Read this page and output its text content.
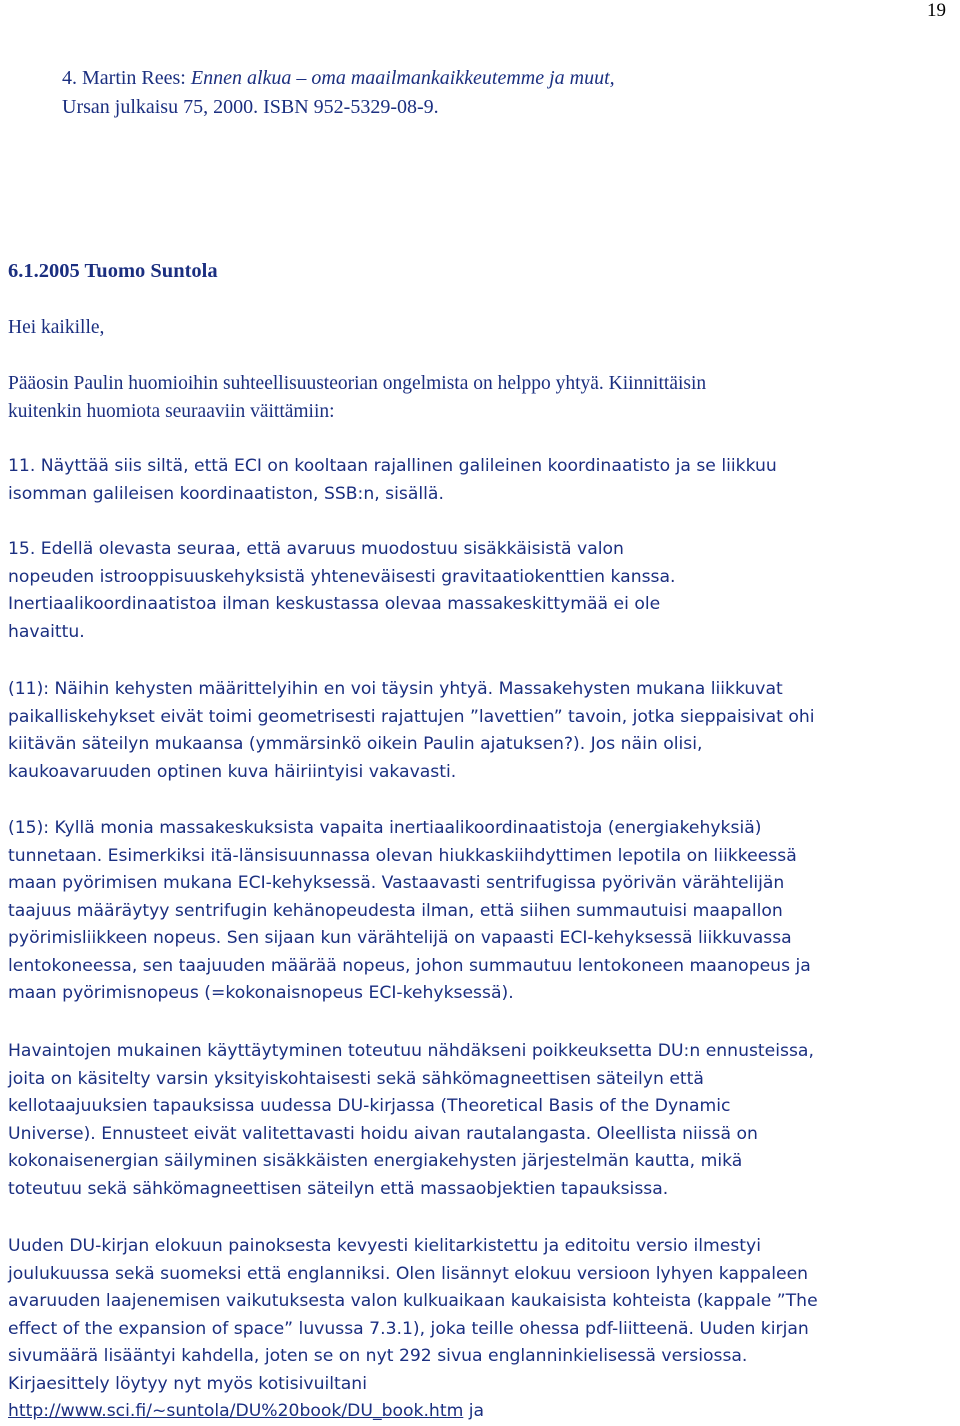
19
4. Martin Rees: Ennen alkua – oma maailmankaikkeutemme ja muut,
Ursan julkaisu 75, 2000. ISBN 952-5329-08-9.
6.1.2005 Tuomo Suntola
Hei kaikille,
Pääosin Paulin huomioihin suhteellisuusteorian ongelmista on helppo yhtyä. Kiinnittäisin
kuitenkin huomiota seuraaviin väittämiin:
11. Näyttää siis siltä, että ECI on kooltaan rajallinen galileinen koordinaatisto ja se liikkuu
isomman galileisen koordinaatiston, SSB:n, sisällä.
15. Edellä olevasta seuraa, että avaruus muodostuu sisäkkäisistä valon
nopeuden istrooppisuuskehyksistä yhteneväisesti gravitaatiokenttien kanssa.
Inertiaalikoordinaatistoa ilman keskustassa olevaa massakeskittymää ei ole
havaittu.
(11): Näihin kehysten määrittelyihin en voi täysin yhtyä. Massakehysten mukana liikkuvat
paikalliskehykset eivät toimi geometrisesti rajattujen ”lavettien” tavoin, jotka sieppaisivat ohi
kiitävän säteilyn mukaansa (ymmärsinkö oikein Paulin ajatuksen?). Jos näin olisi,
kaukoavaruuden optinen kuva häiriintyisi vakavasti.
(15): Kyllä monia massakeskuksista vapaita inertiaalikoordinaatistoja (energiakehyksiä)
tunnetaan. Esimerkiksi itä-länsisuunnassa olevan hiukkaskiihdyttimen lepotila on liikkeessä
maan pyörimisen mukana ECI-kehyksessä. Vastaavasti sentrifugissa pyörivän värähtelijän
taajuus määräytyy sentrifugin kehänopeudesta ilman, että siihen summautuisi maapallon
pyörimisliikkeen nopeus. Sen sijaan kun värähtelijä on vapaasti ECI-kehyksessä liikkuvassa
lentokoneessa, sen taajuuden määrää nopeus, johon summautuu lentokoneen maanopeus ja
maan pyörimisnopeus (=kokonaisnopeus ECI-kehyksessä).
Havaintojen mukainen käyttäytyminen toteutuu nähdäkseni poikkeuksetta DU:n ennusteissa,
joita on käsitelty varsin yksityiskohtaisesti sekä sähkömagneettisen säteilyn että
kellotaajuuksien tapauksissa uudessa DU-kirjassa (Theoretical Basis of the Dynamic
Universe). Ennusteet eivät valitettavasti hoidu aivan rautalangasta. Oleellista niissä on
kokonaisenergian säilyminen sisäkkäisten energiakehysten järjestelmän kautta, mikä
toteutuu sekä sähkömagneettisen säteilyn että massaobjektien tapauksissa.
Uuden DU-kirjan elokuun painoksesta kevyesti kielitarkistettu ja editoitu versio ilmestyi
joulukuussa sekä suomeksi että englanniksi. Olen lisännyt elokuu versioon lyhyen kappaleen
avaruuden laajenemisen vaikutuksesta valon kulkuaikaan kaukaisista kohteista (kappale ”The
effect of the expansion of space” luvussa 7.3.1), joka teille ohessa pdf-liitteenä. Uuden kirjan
sivumäärä lisääntyi kahdella, joten se on nyt 292 sivua englanninkielisessä versiossa.
Kirjaesittely löytyy nyt myös kotisivuiltani
http://www.sci.fi/~suntola/DU%20book/DU_book.htm ja
